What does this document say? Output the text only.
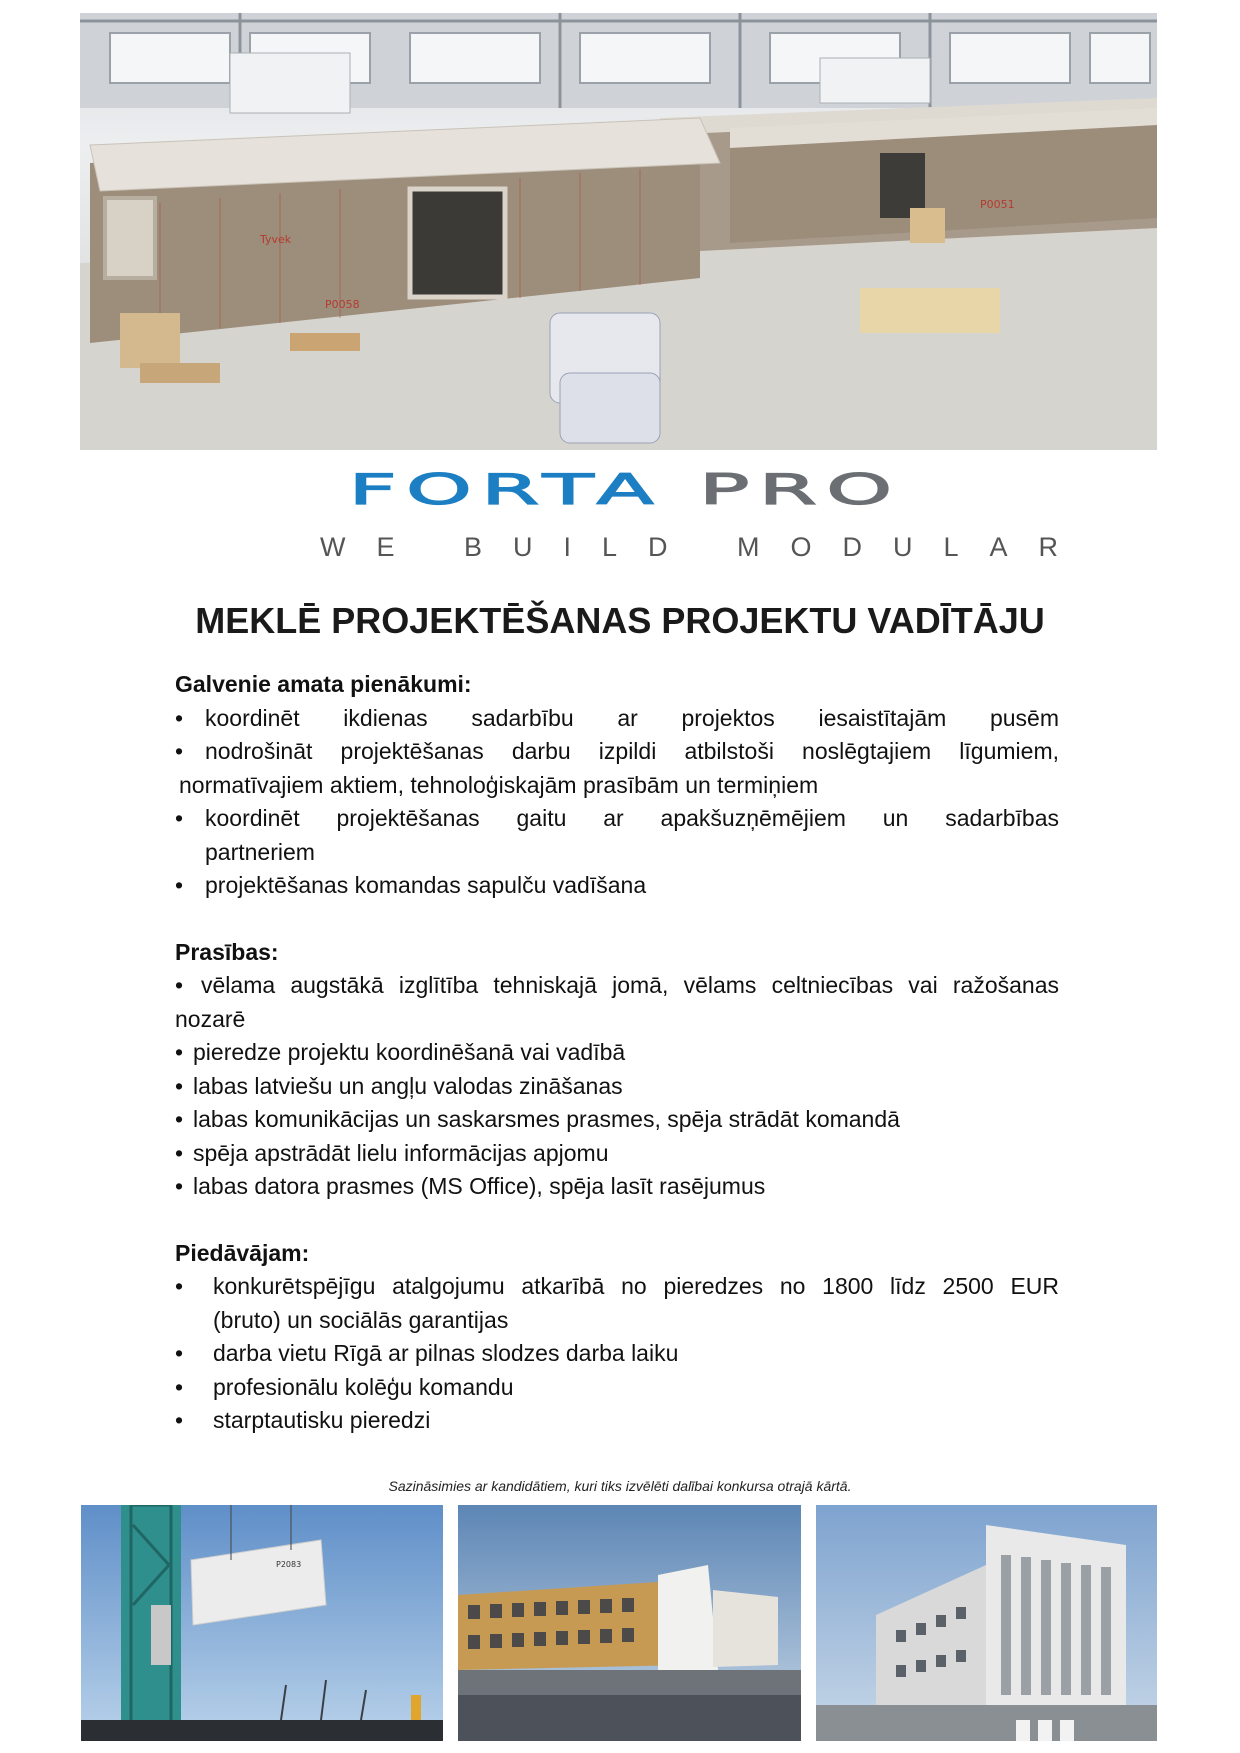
Tyvek
P0058
P0051
FORTA PRO
WE BUILD MODULAR
MEKLĒ PROJEKTĒŠANAS PROJEKTU VADĪTĀJU
Galvenie amata pienākumi:
• koordinēt ikdienas sadarbību ar projektos iesaistītajām pusēm
• nodrošināt projektēšanas darbu izpildi atbilstoši noslēgtajiem līgumiem,
normatīvajiem aktiem, tehnoloģiskajām prasībām un termiņiem
• koordinēt projektēšanas gaitu ar apakšuzņēmējiem un sadarbības
partneriem
• projektēšanas komandas sapulču vadīšana
Prasības:
• vēlama augstākā izglītība tehniskajā jomā, vēlams celtniecības vai ražošanas
nozarē
• pieredze projektu koordinēšanā vai vadībā
• labas latviešu un angļu valodas zināšanas
• labas komunikācijas un saskarsmes prasmes, spēja strādāt komandā
• spēja apstrādāt lielu informācijas apjomu
• labas datora prasmes (MS Office), spēja lasīt rasējumus
Piedāvājam:
•	konkurētspējīgu atalgojumu atkarībā no pieredzes no 1800 līdz 2500 EUR
(bruto) un sociālās garantijas
•	darba vietu Rīgā ar pilnas slodzes darba laiku
•	profesionālu kolēģu komandu
•	starptautisku pieredzi
Sazināsimies ar kandidātiem, kuri tiks izvēlēti dalībai konkursa otrajā kārtā.
P2083
